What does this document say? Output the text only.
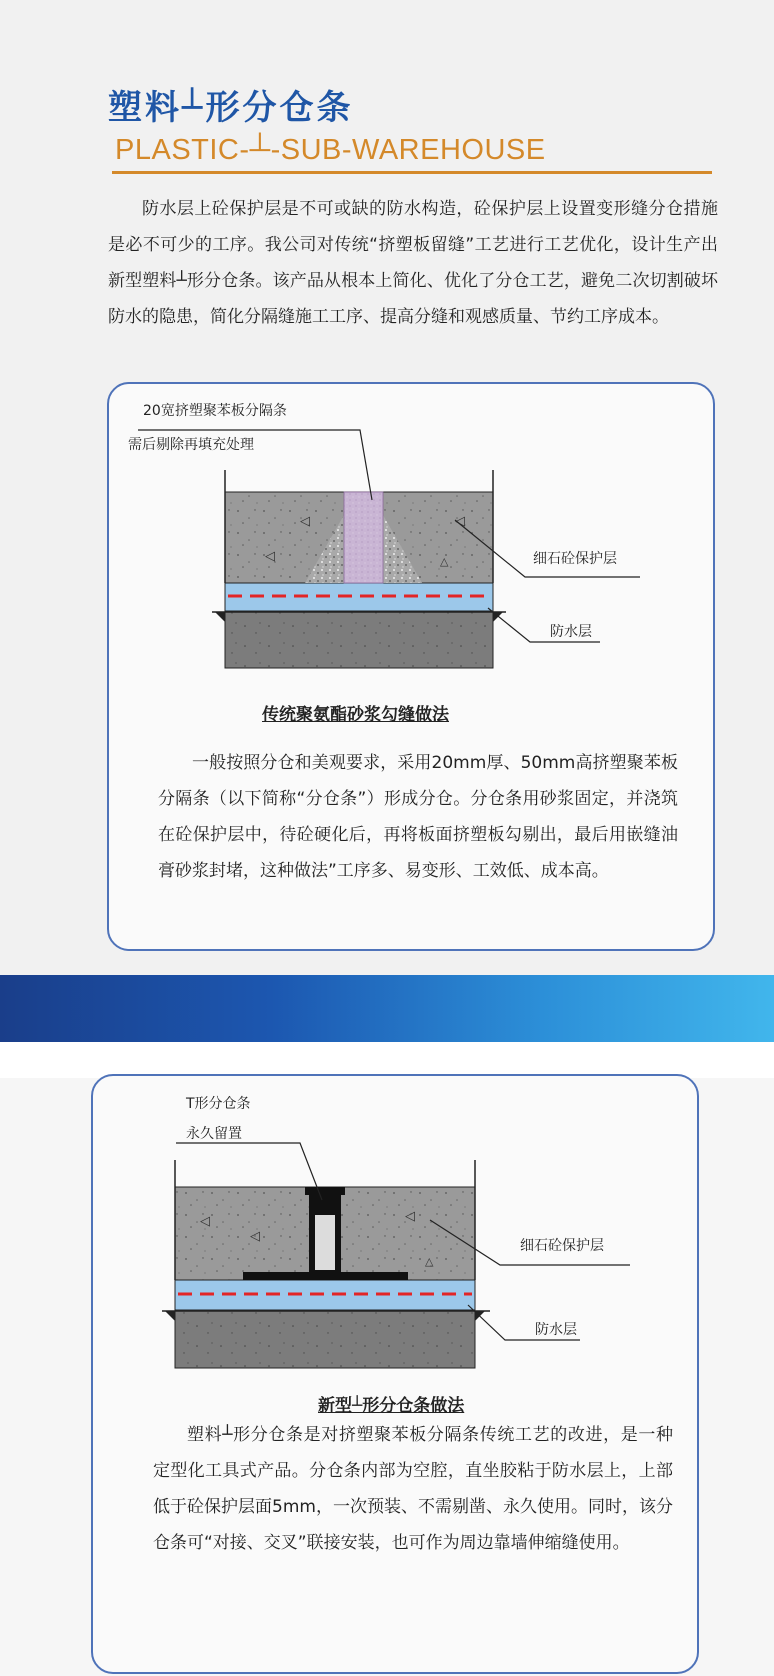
塑料┴形分仓条
PLASTIC-┴-SUB-WAREHOUSE
防水层上砼保护层是不可或缺的防水构造，砼保护层上设置变形缝分仓措施是必不可少的工序。我公司对传统“挤塑板留缝”工艺进行工艺优化，设计生产出新型塑料┴形分仓条。该产品从根本上简化、优化了分仓工艺，避免二次切割破坏防水的隐患，简化分隔缝施工工序、提高分缝和观感质量、节约工序成本。
◁	◁
◁	△
20宽挤塑聚苯板分隔条
需后剔除再填充处理
细石砼保护层
防水层
传统聚氨酯砂浆勾缝做法
一般按照分仓和美观要求，采用20mm厚、50mm高挤塑聚苯板分隔条（以下简称“分仓条”）形成分仓。分仓条用砂浆固定，并浇筑在砼保护层中，待砼硬化后，再将板面挤塑板勾剔出，最后用嵌缝油膏砂浆封堵，这种做法”工序多、易变形、工效低、成本高。
◁
◁
◁
△
T形分仓条
永久留置
细石砼保护层
防水层
新型┴形分仓条做法
塑料┴形分仓条是对挤塑聚苯板分隔条传统工艺的改进，是一种定型化工具式产品。分仓条内部为空腔，直坐胶粘于防水层上，上部低于砼保护层面5mm，一次预装、不需剔凿、永久使用。同时，该分仓条可“对接、交叉”联接安装，也可作为周边靠墙伸缩缝使用。
